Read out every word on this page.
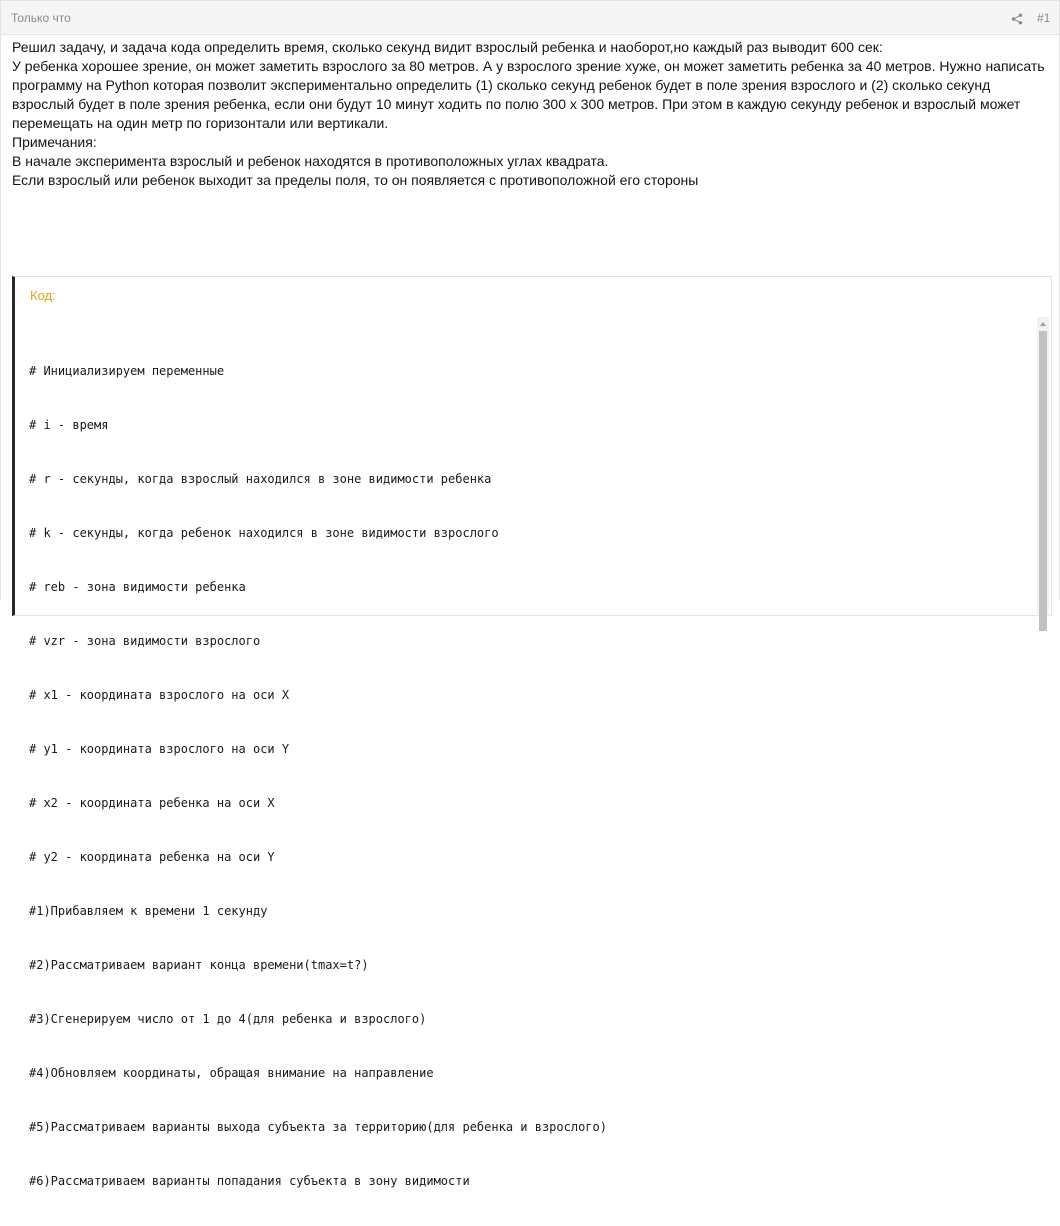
Только что	#1

Решил задачу, и задача кода определить время, сколько секунд видит взрослый ребенка и наоборот,но каждый раз выводит 600 сек:

У ребенка хорошее зрение, он может заметить взрослого за 80 метров. А у взрослого зрение хуже, он может заметить ребенка за 40 метров. Нужно написать программу на Python которая позволит экспериментально определить (1) сколько секунд ребенок будет в поле зрения взрослого и (2) сколько секунд взрослый будет в поле зрения ребенка, если они будут 10 минут ходить по полю 300 x 300 метров. При этом в каждую секунду ребенок и взрослый может перемещать на один метр по горизонтали или вертикали.

Примечания:

В начале эксперимента взрослый и ребенок находятся в противоположных углах квадрата.

Если взрослый или ребенок выходит за пределы поля, то он появляется с противоположной его стороны

Код:

# Инициализируем переменные

# i - время

# r - секунды, когда взрослый находился в зоне видимости ребенка

# k - секунды, когда ребенок находился в зоне видимости взрослого

# reb - зона видимости ребенка

# vzr - зона видимости взрослого

# x1 - координата взрослого на оси X

# y1 - координата взрослого на оси Y

# x2 - координата ребенка на оси X

# y2 - координата ребенка на оси Y

#1)Прибавляем к времени 1 секунду

#2)Рассматриваем вариант конца времени(tmax=t?)

#3)Сгенерируем число от 1 до 4(для ребенка и взрослого)

#4)Обновляем координаты, обращая внимание на направление

#5)Рассматриваем варианты выхода субъекта за территорию(для ребенка и взрослого)

#6)Рассматриваем варианты попадания субъекта в зону видимости
